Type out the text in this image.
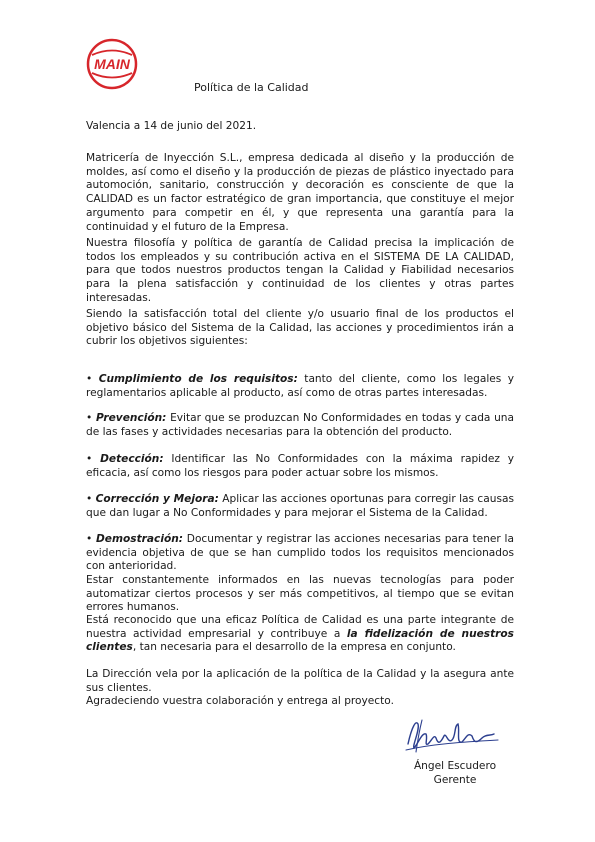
MAIN
Política de la Calidad
Valencia a 14 de junio del 2021.

Matricería de Inyección S.L., empresa dedicada al diseño y la producción de moldes, así como el diseño y la producción de piezas de plástico inyectado para automoción, sanitario, construcción y decoración es consciente de que la CALIDAD es un factor estratégico de gran importancia, que constituye el mejor argumento para competir en él, y que representa una garantía para la continuidad y el futuro de la Empresa.

Nuestra filosofía y política de garantía de Calidad precisa la implicación de todos los empleados y su contribución activa en el SISTEMA DE LA CALIDAD, para que todos nuestros productos tengan la Calidad y Fiabilidad necesarios para la plena satisfacción y continuidad de los clientes y otras partes interesadas.

Siendo la satisfacción total del cliente y/o usuario final de los productos el objetivo básico del Sistema de la Calidad, las acciones y procedimientos irán a cubrir los objetivos siguientes:

• Cumplimiento de los requisitos: tanto del cliente, como los legales y reglamentarios aplicable al producto, así como de otras partes interesadas.

• Prevención: Evitar que se produzcan No Conformidades en todas y cada una de las fases y actividades necesarias para la obtención del producto.

• Detección: Identificar las No Conformidades con la máxima rapidez y eficacia, así como los riesgos para poder actuar sobre los mismos.

• Corrección y Mejora: Aplicar las acciones oportunas para corregir las causas que dan lugar a No Conformidades y para mejorar el Sistema de la Calidad.

• Demostración: Documentar y registrar las acciones necesarias para tener la evidencia objetiva de que se han cumplido todos los requisitos mencionados con anterioridad.

Estar constantemente informados en las nuevas tecnologías para poder automatizar ciertos procesos y ser más competitivos, al tiempo que se evitan errores humanos.

Está reconocido que una eficaz Política de Calidad es una parte integrante de nuestra actividad empresarial y contribuye a la fidelización de nuestros clientes, tan necesaria para el desarrollo de la empresa en conjunto.

La Dirección vela por la aplicación de la política de la Calidad y la asegura ante sus clientes.

Agradeciendo vuestra colaboración y entrega al proyecto.

Ángel Escudero
Gerente
